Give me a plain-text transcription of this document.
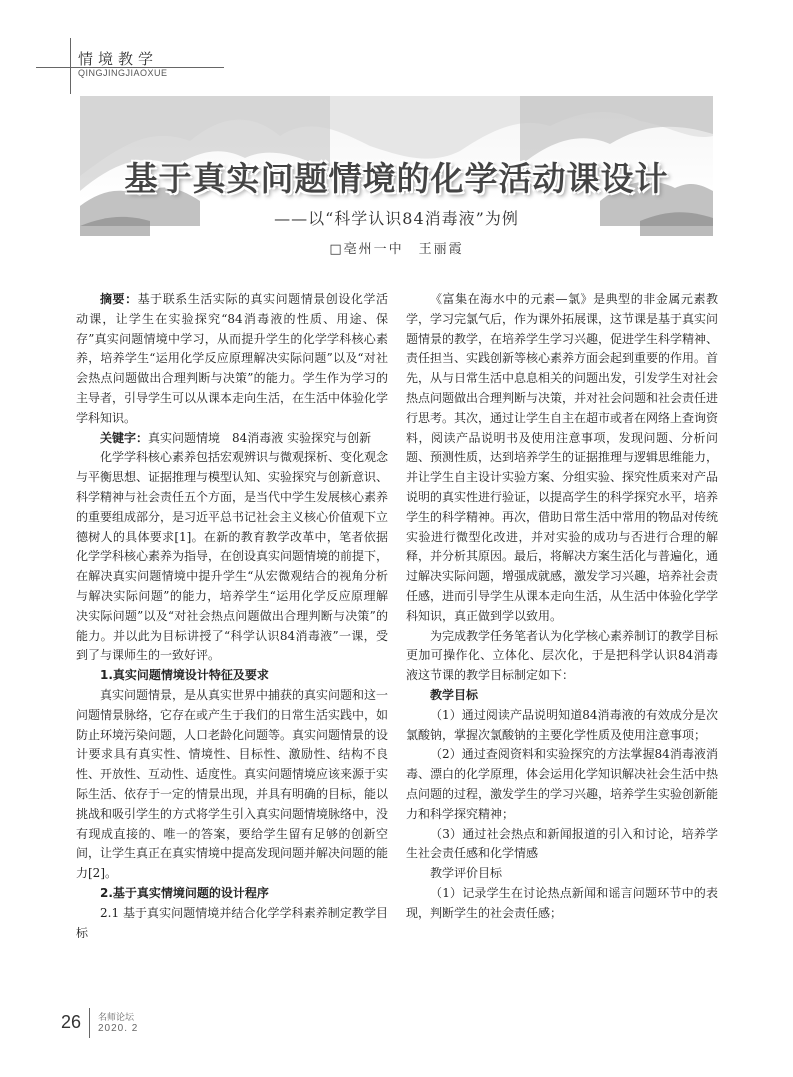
情境教学
QINGJINGJIAOXUE
基于真实问题情境的化学活动课设计
——以“科学认识84消毒液”为例
□亳州一中　王丽霞

摘要：基于联系生活实际的真实问题情景创设化学活动课，让学生在实验探究“84消毒液的性质、用途、保存”真实问题情境中学习，从而提升学生的化学学科核心素养，培养学生“运用化学反应原理解决实际问题”以及“对社会热点问题做出合理判断与决策”的能力。学生作为学习的主导者，引导学生可以从课本走向生活，在生活中体验化学学科知识。

关键字：真实问题情境　84消毒液 实验探究与创新

化学学科核心素养包括宏观辨识与微观探析、变化观念与平衡思想、证据推理与模型认知、实验探究与创新意识、科学精神与社会责任五个方面，是当代中学生发展核心素养的重要组成部分，是习近平总书记社会主义核心价值观下立德树人的具体要求[1]。在新的教育教学改革中，笔者依据化学学科核心素养为指导，在创设真实问题情境的前提下，在解决真实问题情境中提升学生“从宏微观结合的视角分析与解决实际问题”的能力，培养学生“运用化学反应原理解决实际问题”以及“对社会热点问题做出合理判断与决策”的能力。并以此为目标讲授了“科学认识84消毒液”一课，受到了与课师生的一致好评。

1.真实问题情境设计特征及要求

真实问题情景，是从真实世界中捕获的真实问题和这一问题情景脉络，它存在或产生于我们的日常生活实践中，如防止环境污染问题，人口老龄化问题等。真实问题情景的设计要求具有真实性、情境性、目标性、激励性、结构不良性、开放性、互动性、适度性。真实问题情境应该来源于实际生活、依存于一定的情景出现，并具有明确的目标，能以挑战和吸引学生的方式将学生引入真实问题情境脉络中，没有现成直接的、唯一的答案，要给学生留有足够的创新空间，让学生真正在真实情境中提高发现问题并解决问题的能力[2]。

2.基于真实情境问题的设计程序

2.1 基于真实问题情境并结合化学学科素养制定教学目标

《富集在海水中的元素—氯》是典型的非金属元素教学，学习完氯气后，作为课外拓展课，这节课是基于真实问题情景的教学，在培养学生学习兴趣，促进学生科学精神、责任担当、实践创新等核心素养方面会起到重要的作用。首先，从与日常生活中息息相关的问题出发，引发学生对社会热点问题做出合理判断与决策，并对社会问题和社会责任进行思考。其次，通过让学生自主在超市或者在网络上查询资料，阅读产品说明书及使用注意事项，发现问题、分析问题、预测性质，达到培养学生的证据推理与逻辑思维能力，并让学生自主设计实验方案、分组实验、探究性质来对产品说明的真实性进行验证，以提高学生的科学探究水平，培养学生的科学精神。再次，借助日常生活中常用的物品对传统实验进行微型化改进，并对实验的成功与否进行合理的解释，并分析其原因。最后，将解决方案生活化与普遍化，通过解决实际问题，增强成就感，激发学习兴趣，培养社会责任感，进而引导学生从课本走向生活，从生活中体验化学学科知识，真正做到学以致用。

为完成教学任务笔者认为化学核心素养制订的教学目标更加可操作化、立体化、层次化，于是把科学认识84消毒液这节课的教学目标制定如下：

教学目标

（1）通过阅读产品说明知道84消毒液的有效成分是次氯酸钠，掌握次氯酸钠的主要化学性质及使用注意事项；

（2）通过查阅资料和实验探究的方法掌握84消毒液消毒、漂白的化学原理，体会运用化学知识解决社会生活中热点问题的过程，激发学生的学习兴趣，培养学生实验创新能力和科学探究精神；

（3）通过社会热点和新闻报道的引入和讨论，培养学生社会责任感和化学情感

教学评价目标

（1）记录学生在讨论热点新闻和谣言问题环节中的表现，判断学生的社会责任感；

26 名师论坛
2020. 2
